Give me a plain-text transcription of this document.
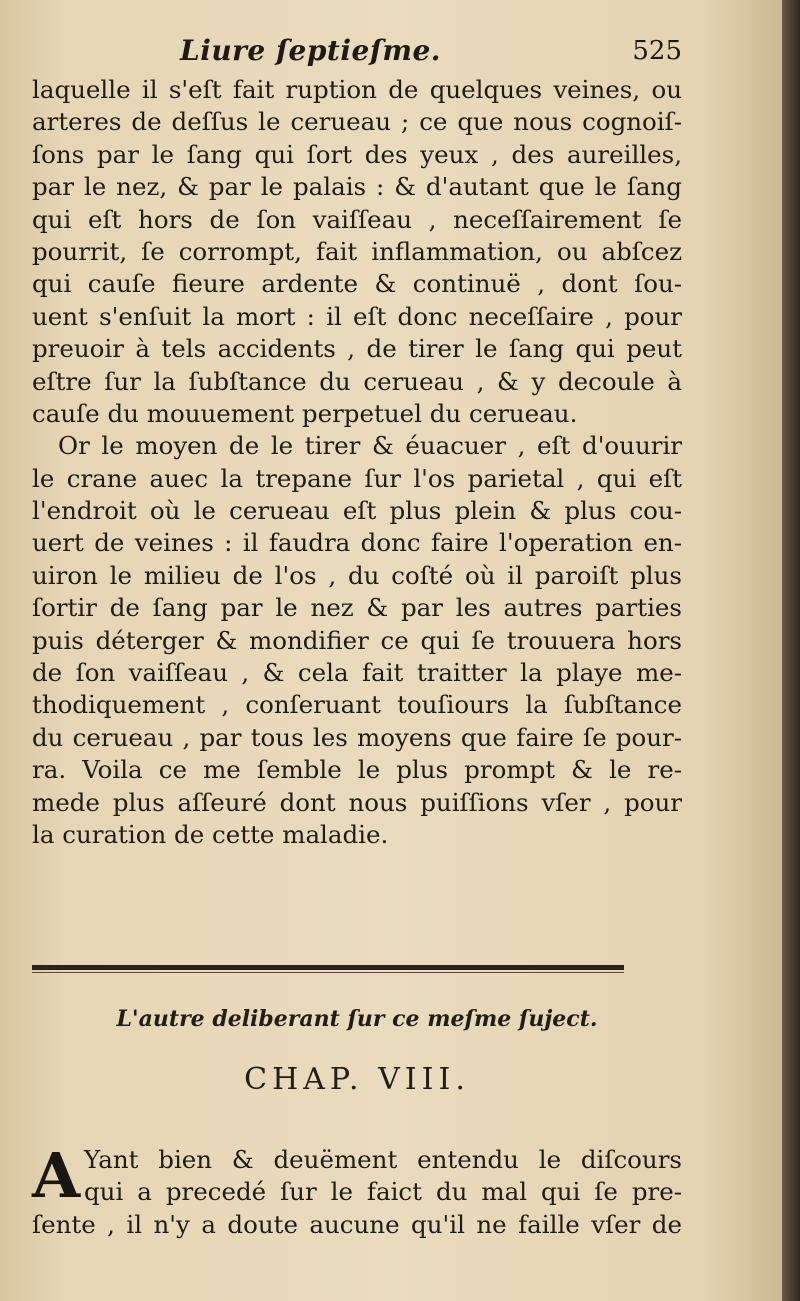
Liure ſeptieſme.	525
laquelle il s'eſt fait ruption de quelques veines, ou
arteres de deſſus le cerueau ; ce que nous cognoiſ-
ſons par le ſang qui ſort des yeux , des aureilles,
par le nez, & par le palais : & d'autant que le ſang
qui eſt hors de ſon vaiſſeau , neceſſairement ſe
pourrit, ſe corrompt, fait inflammation, ou abſcez
qui cauſe fieure ardente & continuë , dont ſou-
uent s'enſuit la mort : il eſt donc neceſſaire , pour
preuoir à tels accidents , de tirer le ſang qui peut
eſtre ſur la ſubſtance du cerueau , & y decoule à
cauſe du mouuement perpetuel du cerueau.
Or le moyen de le tirer & éuacuer , eſt d'ouurir
le crane auec la trepane ſur l'os parietal , qui eſt
l'endroit où le cerueau eſt plus plein & plus cou-
uert de veines : il faudra donc faire l'operation en-
uiron le milieu de l'os , du coſté où il paroiſt plus
ſortir de ſang par le nez & par les autres parties
puis déterger & mondifier ce qui ſe trouuera hors
de ſon vaiſſeau , & cela fait traitter la playe me-
thodiquement , conſeruant touſiours la ſubſtance
du cerueau , par tous les moyens que faire ſe pour-
ra. Voila ce me ſemble le plus prompt & le re-
mede plus aſſeuré dont nous puiſſions vſer , pour
la curation de cette maladie.
L'autre deliberant ſur ce meſme ſuject.
CHAP. VIII.
A Yant bien & deuëment entendu le diſcours
qui a precedé ſur le faict du mal qui ſe pre-
ſente , il n'y a doute aucune qu'il ne faille vſer de
